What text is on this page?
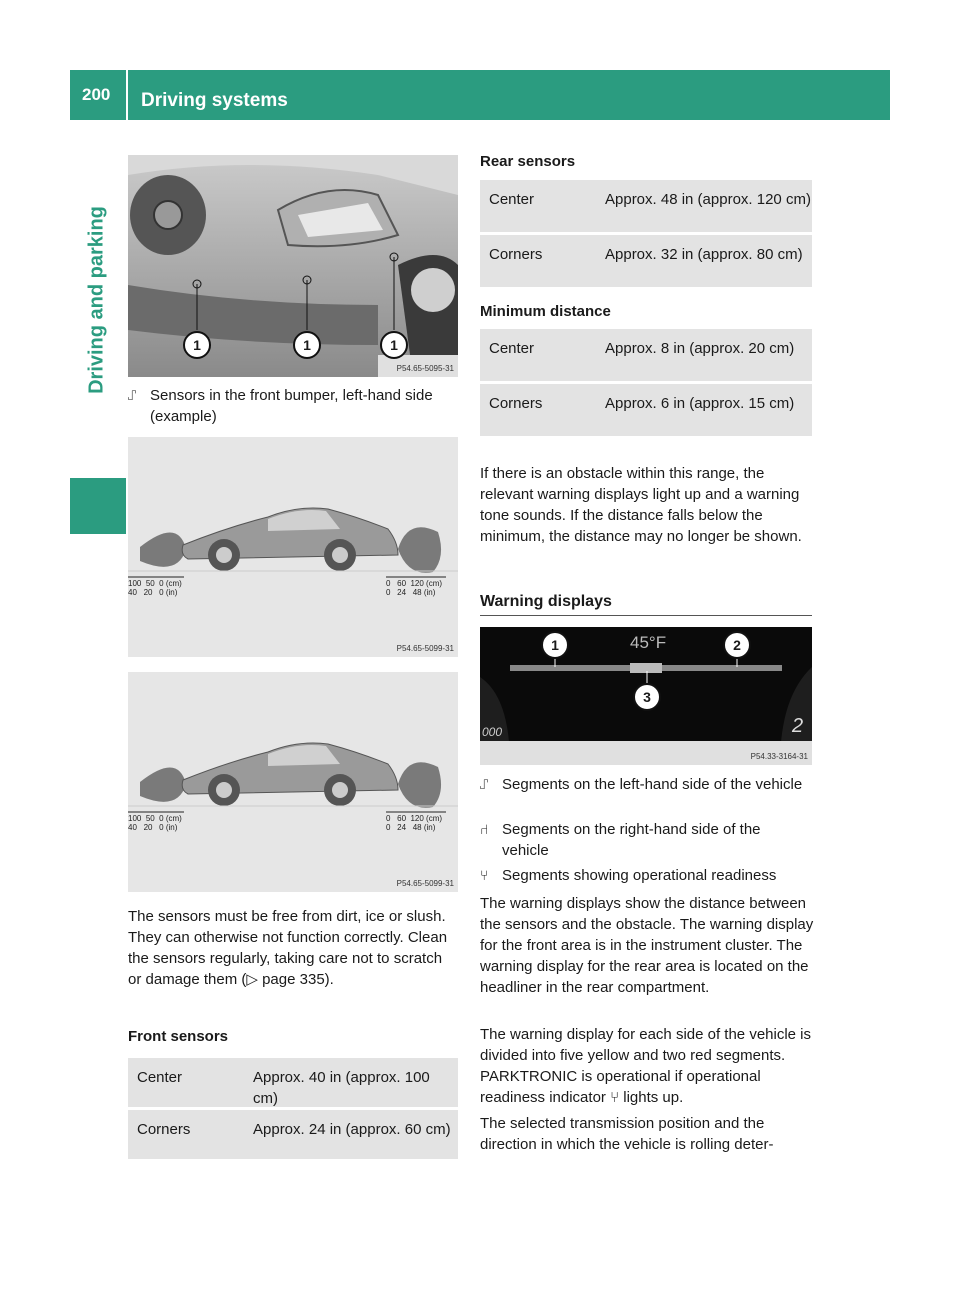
200	Driving systems
Driving and parking	1	1	1
P54.65-5095-31
⑀ Sensors in the front bumper, left-hand side (example)
100 50 0 (cm)
40 20 0 (in)
0 60 120 (cm)
0 24 48 (in)
P54.65-5099-31
100 50 0 (cm)
40 20 0 (in)
0 60 120 (cm)
0 24 48 (in)
P54.65-5099-31
The sensors must be free from dirt, ice or slush. They can otherwise not function correctly. Clean the sensors regularly, taking care not to scratch or damage them (▷ page 335).
Front sensors
Center	Approx. 40 in (approx. 100 cm)
Corners	Approx. 24 in (approx. 60 cm)
Rear sensors
Center	Approx. 48 in (approx. 120 cm)
Corners	Approx. 32 in (approx. 80 cm)
Minimum distance
Center	Approx. 8 in (approx. 20 cm)
Corners	Approx. 6 in (approx. 15 cm)
If there is an obstacle within this range, the relevant warning displays light up and a warning tone sounds. If the distance falls below the minimum, the distance may no longer be shown.
Warning displays
45°F
1	2
3
000	2
P54.33-3164-31
⑀ Segments on the left-hand side of the vehicle
⑁ Segments on the right-hand side of the vehicle
⑂ Segments showing operational readiness
The warning displays show the distance between the sensors and the obstacle. The warning display for the front area is in the instrument cluster. The warning display for the rear area is located on the headliner in the rear compartment.
The warning display for each side of the vehicle is divided into five yellow and two red segments. PARKTRONIC is operational if operational readiness indicator ⑂ lights up.
The selected transmission position and the direction in which the vehicle is rolling deter-
